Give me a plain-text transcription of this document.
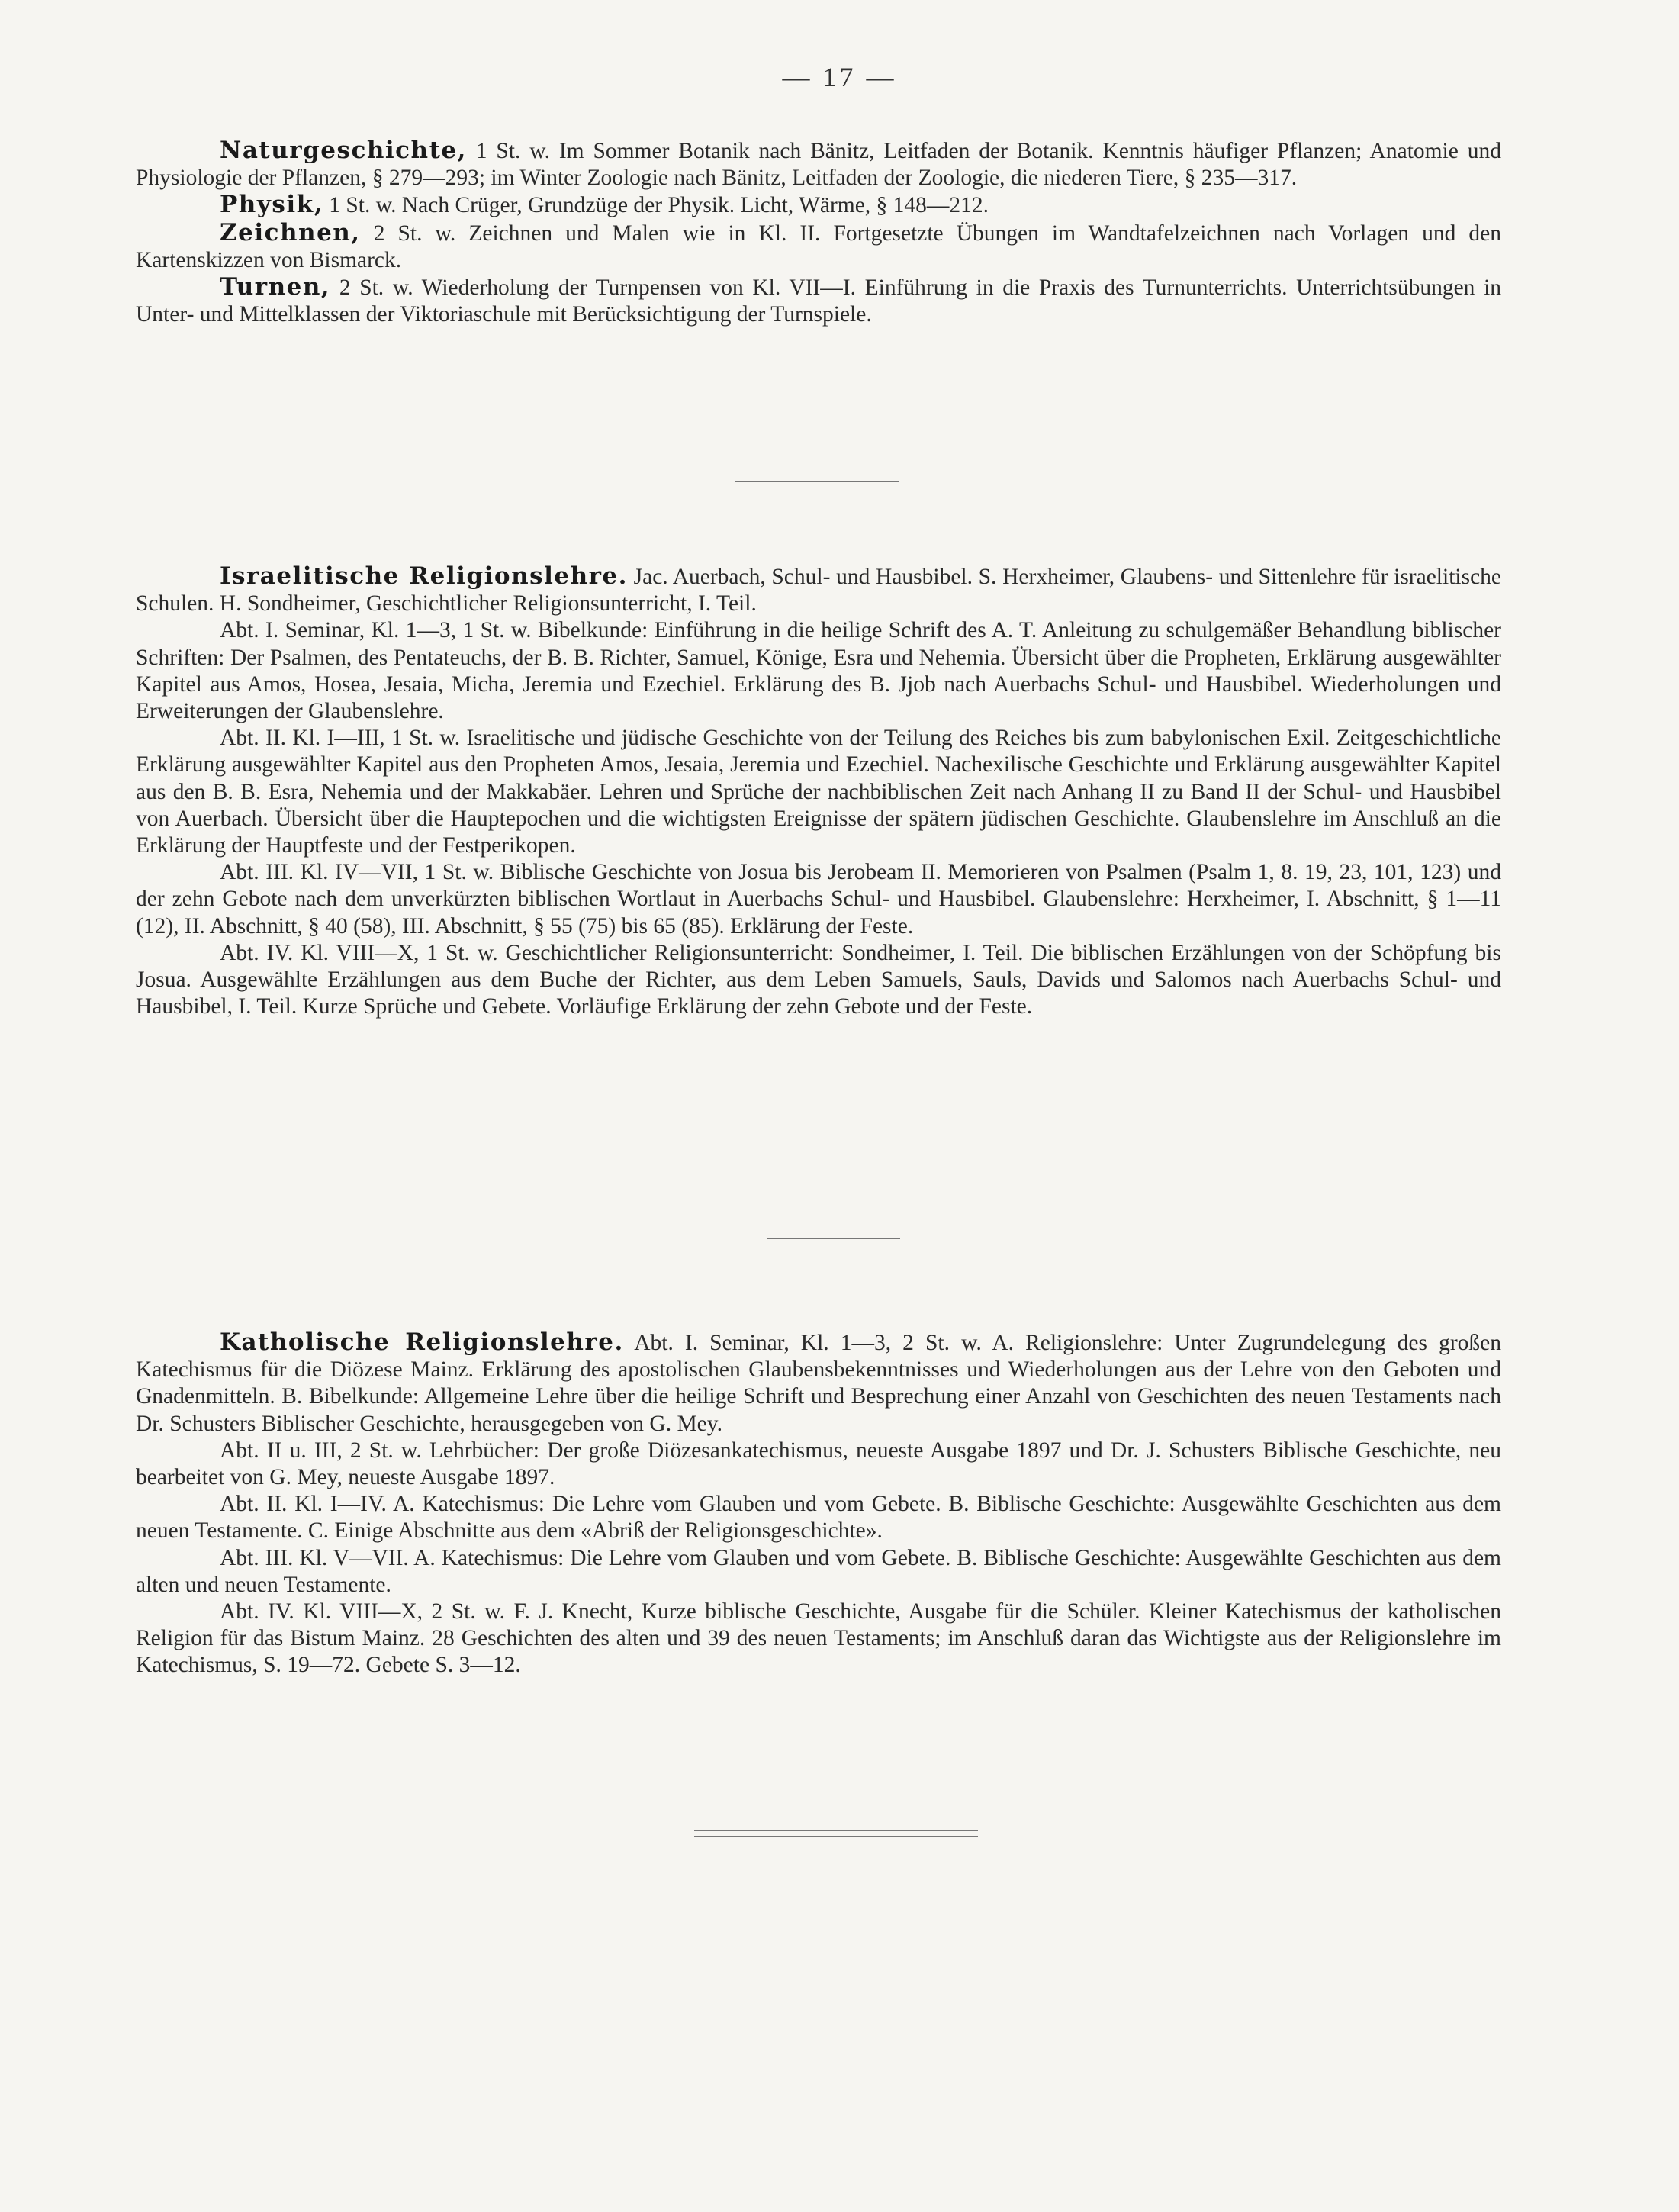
— 17 —

Naturgeschichte, 1 St. w. Im Sommer Botanik nach Bänitz, Leitfaden der Botanik. Kenntnis häufiger Pflanzen; Anatomie und Physiologie der Pflanzen, § 279—293; im Winter Zoologie nach Bänitz, Leitfaden der Zoologie, die niederen Tiere, § 235—317.

Physik, 1 St. w. Nach Crüger, Grundzüge der Physik. Licht, Wärme, § 148—212.

Zeichnen, 2 St. w. Zeichnen und Malen wie in Kl. II. Fortgesetzte Übungen im Wandtafelzeichnen nach Vorlagen und den Kartenskizzen von Bismarck.

Turnen, 2 St. w. Wiederholung der Turnpensen von Kl. VII—I. Einführung in die Praxis des Turnunterrichts. Unterrichtsübungen in Unter- und Mittelklassen der Viktoriaschule mit Berücksichtigung der Turnspiele.

Israelitische Religionslehre. Jac. Auerbach, Schul- und Hausbibel. S. Herxheimer, Glaubens- und Sittenlehre für israelitische Schulen. H. Sondheimer, Geschichtlicher Religionsunterricht, I. Teil.

Abt. I. Seminar, Kl. 1—3, 1 St. w. Bibelkunde: Einführung in die heilige Schrift des A. T. Anleitung zu schulgemäßer Behandlung biblischer Schriften: Der Psalmen, des Pentateuchs, der B. B. Richter, Samuel, Könige, Esra und Nehemia. Übersicht über die Propheten, Erklärung ausgewählter Kapitel aus Amos, Hosea, Jesaia, Micha, Jeremia und Ezechiel. Erklärung des B. Jjob nach Auerbachs Schul- und Hausbibel. Wiederholungen und Erweiterungen der Glaubenslehre.

Abt. II. Kl. I—III, 1 St. w. Israelitische und jüdische Geschichte von der Teilung des Reiches bis zum babylonischen Exil. Zeitgeschichtliche Erklärung ausgewählter Kapitel aus den Propheten Amos, Jesaia, Jeremia und Ezechiel. Nachexilische Geschichte und Erklärung ausgewählter Kapitel aus den B. B. Esra, Nehemia und der Makkabäer. Lehren und Sprüche der nachbiblischen Zeit nach Anhang II zu Band II der Schul- und Hausbibel von Auerbach. Übersicht über die Hauptepochen und die wichtigsten Ereignisse der spätern jüdischen Geschichte. Glaubenslehre im Anschluß an die Erklärung der Hauptfeste und der Festperikopen.

Abt. III. Kl. IV—VII, 1 St. w. Biblische Geschichte von Josua bis Jerobeam II. Memorieren von Psalmen (Psalm 1, 8. 19, 23, 101, 123) und der zehn Gebote nach dem unverkürzten biblischen Wortlaut in Auerbachs Schul- und Hausbibel. Glaubenslehre: Herxheimer, I. Abschnitt, § 1—11 (12), II. Abschnitt, § 40 (58), III. Abschnitt, § 55 (75) bis 65 (85). Erklärung der Feste.

Abt. IV. Kl. VIII—X, 1 St. w. Geschichtlicher Religionsunterricht: Sondheimer, I. Teil. Die biblischen Erzählungen von der Schöpfung bis Josua. Ausgewählte Erzählungen aus dem Buche der Richter, aus dem Leben Samuels, Sauls, Davids und Salomos nach Auerbachs Schul- und Hausbibel, I. Teil. Kurze Sprüche und Gebete. Vorläufige Erklärung der zehn Gebote und der Feste.

Katholische Religionslehre. Abt. I. Seminar, Kl. 1—3, 2 St. w. A. Religionslehre: Unter Zugrundelegung des großen Katechismus für die Diözese Mainz. Erklärung des apostolischen Glaubensbekenntnisses und Wiederholungen aus der Lehre von den Geboten und Gnadenmitteln. B. Bibelkunde: Allgemeine Lehre über die heilige Schrift und Besprechung einer Anzahl von Geschichten des neuen Testaments nach Dr. Schusters Biblischer Geschichte, herausgegeben von G. Mey.

Abt. II u. III, 2 St. w. Lehrbücher: Der große Diözesankatechismus, neueste Ausgabe 1897 und Dr. J. Schusters Biblische Geschichte, neu bearbeitet von G. Mey, neueste Ausgabe 1897.

Abt. II. Kl. I—IV. A. Katechismus: Die Lehre vom Glauben und vom Gebete. B. Biblische Geschichte: Ausgewählte Geschichten aus dem neuen Testamente. C. Einige Abschnitte aus dem «Abriß der Religionsgeschichte».

Abt. III. Kl. V—VII. A. Katechismus: Die Lehre vom Glauben und vom Gebete. B. Biblische Geschichte: Ausgewählte Geschichten aus dem alten und neuen Testamente.

Abt. IV. Kl. VIII—X, 2 St. w. F. J. Knecht, Kurze biblische Geschichte, Ausgabe für die Schüler. Kleiner Katechismus der katholischen Religion für das Bistum Mainz. 28 Geschichten des alten und 39 des neuen Testaments; im Anschluß daran das Wichtigste aus der Religionslehre im Katechismus, S. 19—72. Gebete S. 3—12.
